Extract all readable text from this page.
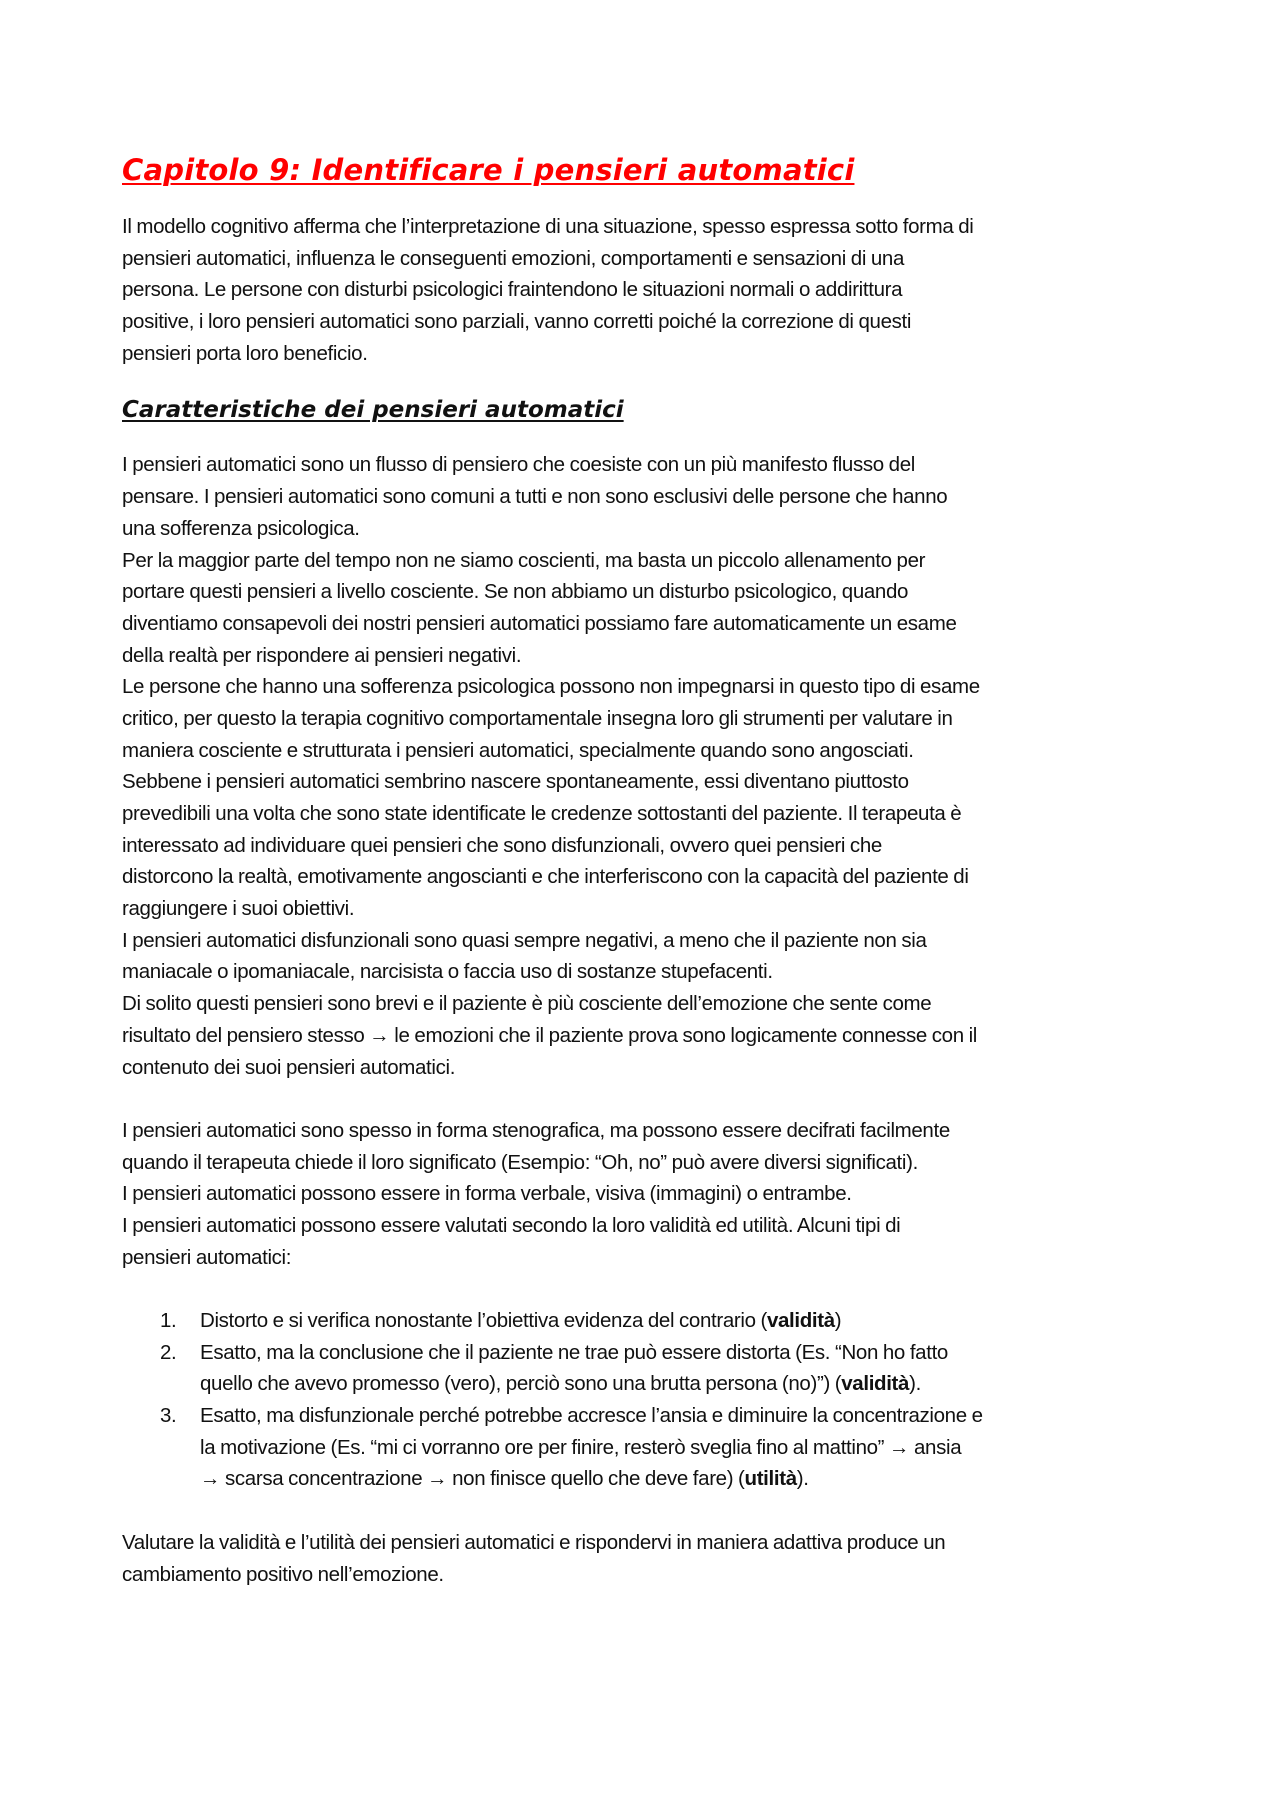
Capitolo 9: Identificare i pensieri automatici
Il modello cognitivo afferma che l’interpretazione di una situazione, spesso espressa sotto forma di
pensieri automatici, influenza le conseguenti emozioni, comportamenti e sensazioni di una
persona. Le persone con disturbi psicologici fraintendono le situazioni normali o addirittura
positive, i loro pensieri automatici sono parziali, vanno corretti poiché la correzione di questi
pensieri porta loro beneficio.
Caratteristiche dei pensieri automatici
I pensieri automatici sono un flusso di pensiero che coesiste con un più manifesto flusso del
pensare. I pensieri automatici sono comuni a tutti e non sono esclusivi delle persone che hanno
una sofferenza psicologica.
Per la maggior parte del tempo non ne siamo coscienti, ma basta un piccolo allenamento per
portare questi pensieri a livello cosciente. Se non abbiamo un disturbo psicologico, quando
diventiamo consapevoli dei nostri pensieri automatici possiamo fare automaticamente un esame
della realtà per rispondere ai pensieri negativi.
Le persone che hanno una sofferenza psicologica possono non impegnarsi in questo tipo di esame
critico, per questo la terapia cognitivo comportamentale insegna loro gli strumenti per valutare in
maniera cosciente e strutturata i pensieri automatici, specialmente quando sono angosciati.
Sebbene i pensieri automatici sembrino nascere spontaneamente, essi diventano piuttosto
prevedibili una volta che sono state identificate le credenze sottostanti del paziente. Il terapeuta è
interessato ad individuare quei pensieri che sono disfunzionali, ovvero quei pensieri che
distorcono la realtà, emotivamente angoscianti e che interferiscono con la capacità del paziente di
raggiungere i suoi obiettivi.
I pensieri automatici disfunzionali sono quasi sempre negativi, a meno che il paziente non sia
maniacale o ipomaniacale, narcisista o faccia uso di sostanze stupefacenti.
Di solito questi pensieri sono brevi e il paziente è più cosciente dell’emozione che sente come
risultato del pensiero stesso → le emozioni che il paziente prova sono logicamente connesse con il
contenuto dei suoi pensieri automatici.
I pensieri automatici sono spesso in forma stenografica, ma possono essere decifrati facilmente
quando il terapeuta chiede il loro significato (Esempio: “Oh, no” può avere diversi significati).
I pensieri automatici possono essere in forma verbale, visiva (immagini) o entrambe.
I pensieri automatici possono essere valutati secondo la loro validità ed utilità. Alcuni tipi di
pensieri automatici:
1. Distorto e si verifica nonostante l’obiettiva evidenza del contrario (validità)
2. Esatto, ma la conclusione che il paziente ne trae può essere distorta (Es. “Non ho fatto
quello che avevo promesso (vero), perciò sono una brutta persona (no)”) (validità).
3. Esatto, ma disfunzionale perché potrebbe accresce l’ansia e diminuire la concentrazione e
la motivazione (Es. “mi ci vorranno ore per finire, resterò sveglia fino al mattino” → ansia
→ scarsa concentrazione → non finisce quello che deve fare) (utilità).
Valutare la validità e l’utilità dei pensieri automatici e rispondervi in maniera adattiva produce un
cambiamento positivo nell’emozione.
